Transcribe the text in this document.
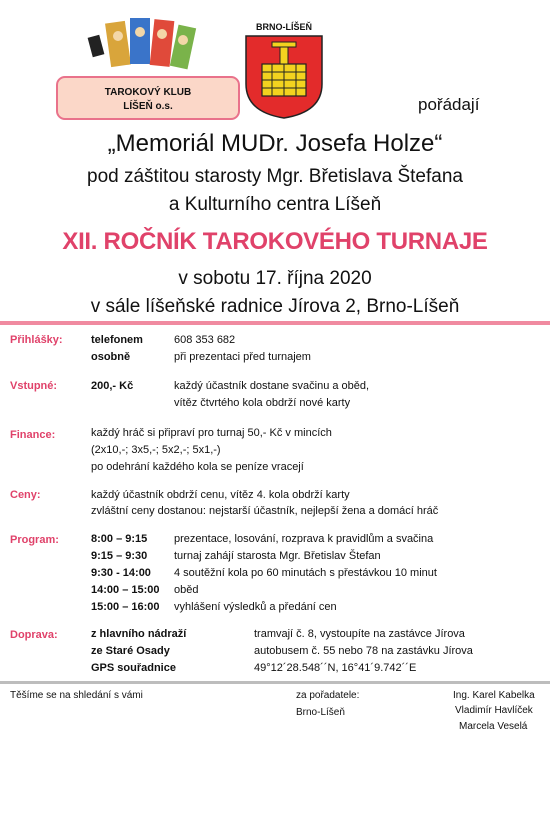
TAROKOVÝ KLUB
LÍŠEŇ o.s.
BRNO-LÍŠEŇ
pořádají
„Memoriál MUDr. Josefa Holze“
pod záštitou starosty Mgr. Břetislava Štefana
a Kulturního centra Líšeň
XII. ROČNÍK TAROKOVÉHO TURNAJE
v sobotu 17. října 2020
v sále líšeňské radnice Jírova 2, Brno-Líšeň
Přihlášky:	telefonem	608 353 682
osobně	při prezentaci před turnajem
Vstupné:	200,- Kč	každý účastník dostane svačinu a oběd,
vítěz čtvrtého kola obdrží nové karty
Finance:	každý hráč si připraví pro turnaj 50,- Kč v mincích
(2x10,-; 3x5,-; 5x2,-; 5x1,-)
po odehrání každého kola se peníze vracejí
Ceny:	každý účastník obdrží cenu, vítěz 4. kola obdrží karty
zvláštní ceny dostanou: nejstarší účastník, nejlepší žena a domácí hráč
Program:	8:00 – 9:15 prezentace, losování, rozprava k pravidlům a svačina
9:15 – 9:30 turnaj zahájí starosta Mgr. Břetislav Štefan
9:30 - 14:00 4 soutěžní kola po 60 minutách s přestávkou 10 minut
14:00 – 15:00 oběd
15:00 – 16:00 vyhlášení výsledků a předání cen
Doprava:	z hlavního nádraží	tramvají č. 8, vystoupíte na zastávce Jírova
ze Staré Osady	autobusem č. 55 nebo 78 na zastávku Jírova
GPS souřadnice	49°12´28.548´´N, 16°41´9.742´´E
Těšíme se na shledání s vámi	za pořadatele:
Brno-Líšeň
Ing. Karel Kabelka
Vladimír Havlíček
Marcela Veselá
